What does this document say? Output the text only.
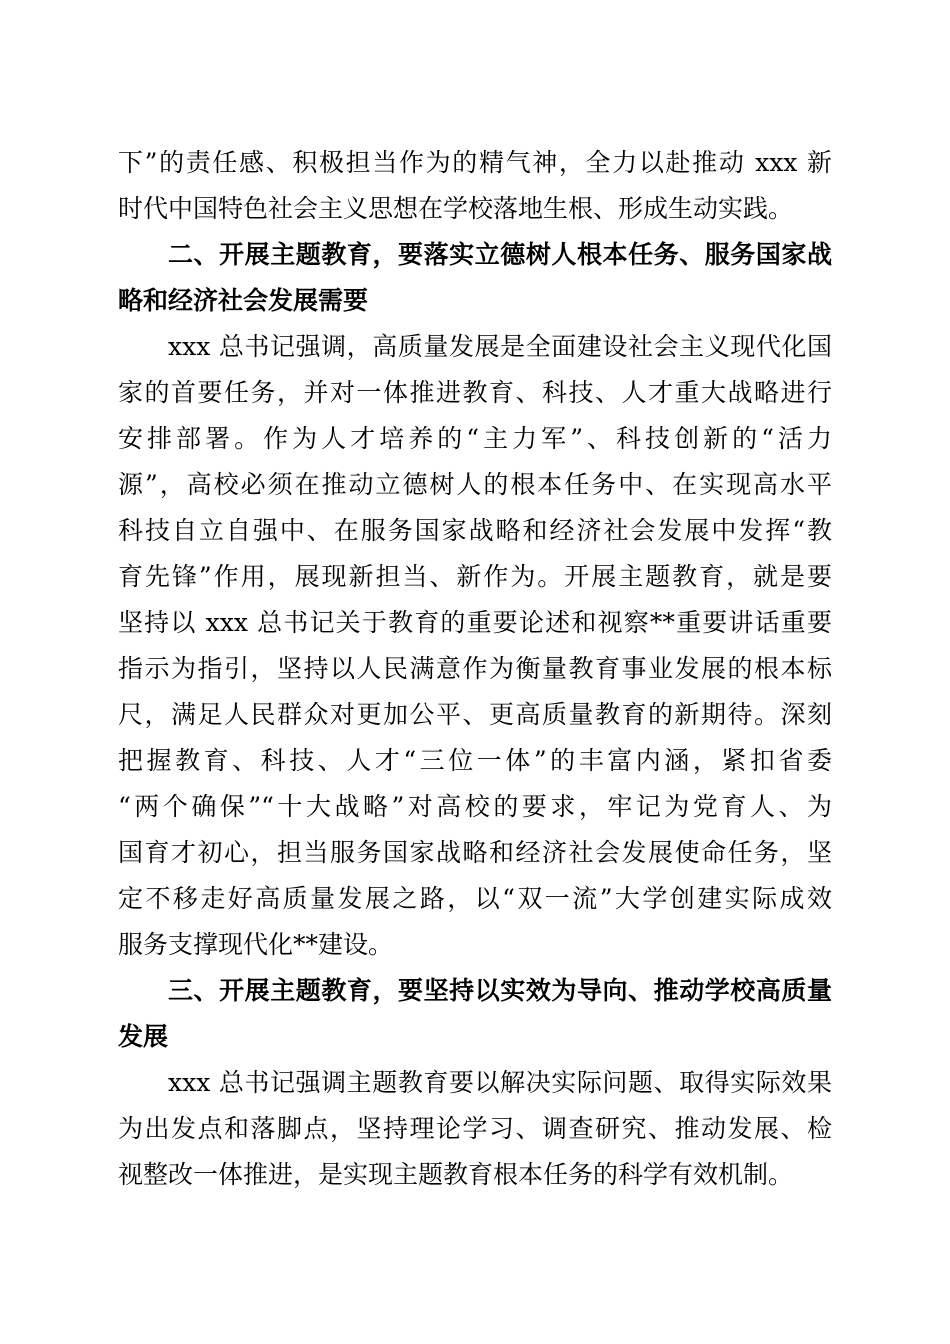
下”的责任感、积极担当作为的精气神，全力以赴推动 xxx 新
时代中国特色社会主义思想在学校落地生根、形成生动实践。
二、开展主题教育，要落实立德树人根本任务、服务国家战
略和经济社会发展需要
xxx 总书记强调，高质量发展是全面建设社会主义现代化国
家的首要任务，并对一体推进教育、科技、人才重大战略进行
安排部署。作为人才培养的“主力军”、科技创新的“活力
源”，高校必须在推动立德树人的根本任务中、在实现高水平
科技自立自强中、在服务国家战略和经济社会发展中发挥“教
育先锋”作用，展现新担当、新作为。开展主题教育，就是要
坚持以 xxx 总书记关于教育的重要论述和视察**重要讲话重要
指示为指引，坚持以人民满意作为衡量教育事业发展的根本标
尺，满足人民群众对更加公平、更高质量教育的新期待。深刻
把握教育、科技、人才“三位一体”的丰富内涵，紧扣省委
“两个确保”“十大战略”对高校的要求，牢记为党育人、为
国育才初心，担当服务国家战略和经济社会发展使命任务，坚
定不移走好高质量发展之路，以“双一流”大学创建实际成效
服务支撑现代化**建设。
三、开展主题教育，要坚持以实效为导向、推动学校高质量
发展
xxx 总书记强调主题教育要以解决实际问题、取得实际效果
为出发点和落脚点，坚持理论学习、调查研究、推动发展、检
视整改一体推进，是实现主题教育根本任务的科学有效机制。
